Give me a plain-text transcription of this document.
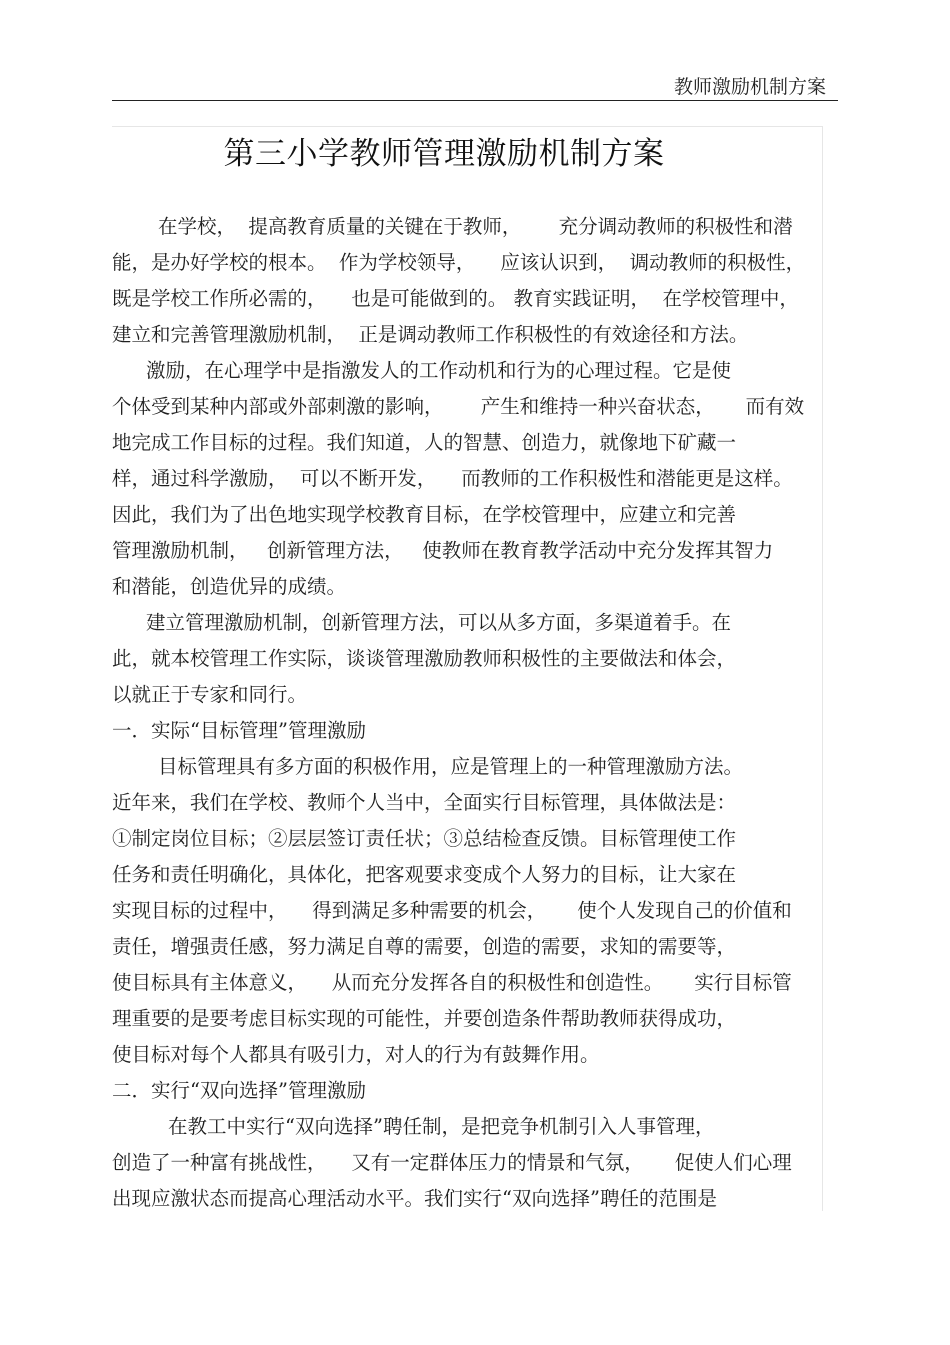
教师激励机制方案
第三小学教师管理激励机制方案
在学校，  提高教育质量的关键在于教师，      充分调动教师的积极性和潜
能，是办好学校的根本。  作为学校领导，    应该认识到，  调动教师的积极性，
既是学校工作所必需的，    也是可能做到的。 教育实践证明，  在学校管理中，
建立和完善管理激励机制，  正是调动教师工作积极性的有效途径和方法。
激励，在心理学中是指激发人的工作动机和行为的心理过程。它是使
个体受到某种内部或外部刺激的影响，      产生和维持一种兴奋状态，     而有效
地完成工作目标的过程。我们知道，人的智慧、创造力，就像地下矿藏一
样，通过科学激励，  可以不断开发，    而教师的工作积极性和潜能更是这样。
因此，我们为了出色地实现学校教育目标，在学校管理中，应建立和完善
管理激励机制，   创新管理方法，   使教师在教育教学活动中充分发挥其智力
和潜能，创造优异的成绩。
建立管理激励机制，创新管理方法，可以从多方面，多渠道着手。在
此，就本校管理工作实际，谈谈管理激励教师积极性的主要做法和体会，
以就正于专家和同行。
一．实际“目标管理”管理激励
目标管理具有多方面的积极作用，应是管理上的一种管理激励方法。
近年来，我们在学校、教师个人当中，全面实行目标管理，具体做法是：
①制定岗位目标；②层层签订责任状；③总结检查反馈。目标管理使工作
任务和责任明确化，具体化，把客观要求变成个人努力的目标，让大家在
实现目标的过程中，    得到满足多种需要的机会，     使个人发现自己的价值和
责任，增强责任感，努力满足自尊的需要，创造的需要，求知的需要等，
使目标具有主体意义，    从而充分发挥各自的积极性和创造性。     实行目标管
理重要的是要考虑目标实现的可能性，并要创造条件帮助教师获得成功，
使目标对每个人都具有吸引力，对人的行为有鼓舞作用。
二．实行“双向选择”管理激励
在教工中实行“双向选择”聘任制，是把竞争机制引入人事管理，
创造了一种富有挑战性，    又有一定群体压力的情景和气氛，     促使人们心理
出现应激状态而提高心理活动水平。我们实行“双向选择”聘任的范围是
